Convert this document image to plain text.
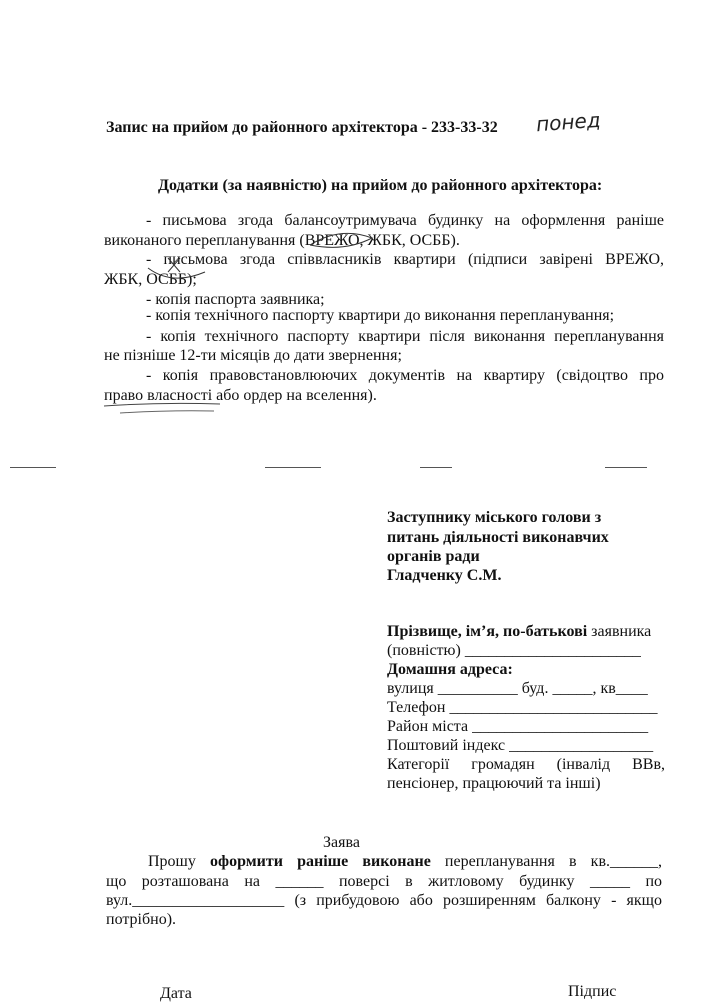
Запис на прийом до районного архітектора - 233-33-32 понед
Додатки (за наявністю) на прийом до районного архітектора:
- письмова згода балансоутримувача будинку на оформлення раніше
виконаного перепланування (ВРЕЖО, ЖБК, ОСББ).
- письмова згода співвласників квартири (підписи завірені ВРЕЖО,
ЖБК, ОСББ);
- копія паспорта заявника;
- копія технічного паспорту квартири до виконання перепланування;
- копія технічного паспорту квартири після виконання перепланування
не пізніше 12-ти місяців до дати звернення;
- копія правовстановлюючих документів на квартиру (свідоцтво про
право власності або ордер на вселення).
Заступнику міського голови з
питань діяльності виконавчих
органів ради
Гладченку С.М.
Прізвище, ім’я, по-батькові заявника
(повністю) ______________________
Домашня адреса:
вулиця __________ буд. _____, кв____
Телефон __________________________
Район міста ______________________
Поштовий індекс __________________
Категорії громадян (інвалід ВВв,
пенсіонер, працюючий та інші)
Заява
Прошу оформити раніше виконане перепланування в кв.______,
що розташована на ______ поверсі в житловому будинку _____ по
вул.___________________ (з прибудовою або розширенням балкону - якщо
потрібно).
Дата	Підпис
